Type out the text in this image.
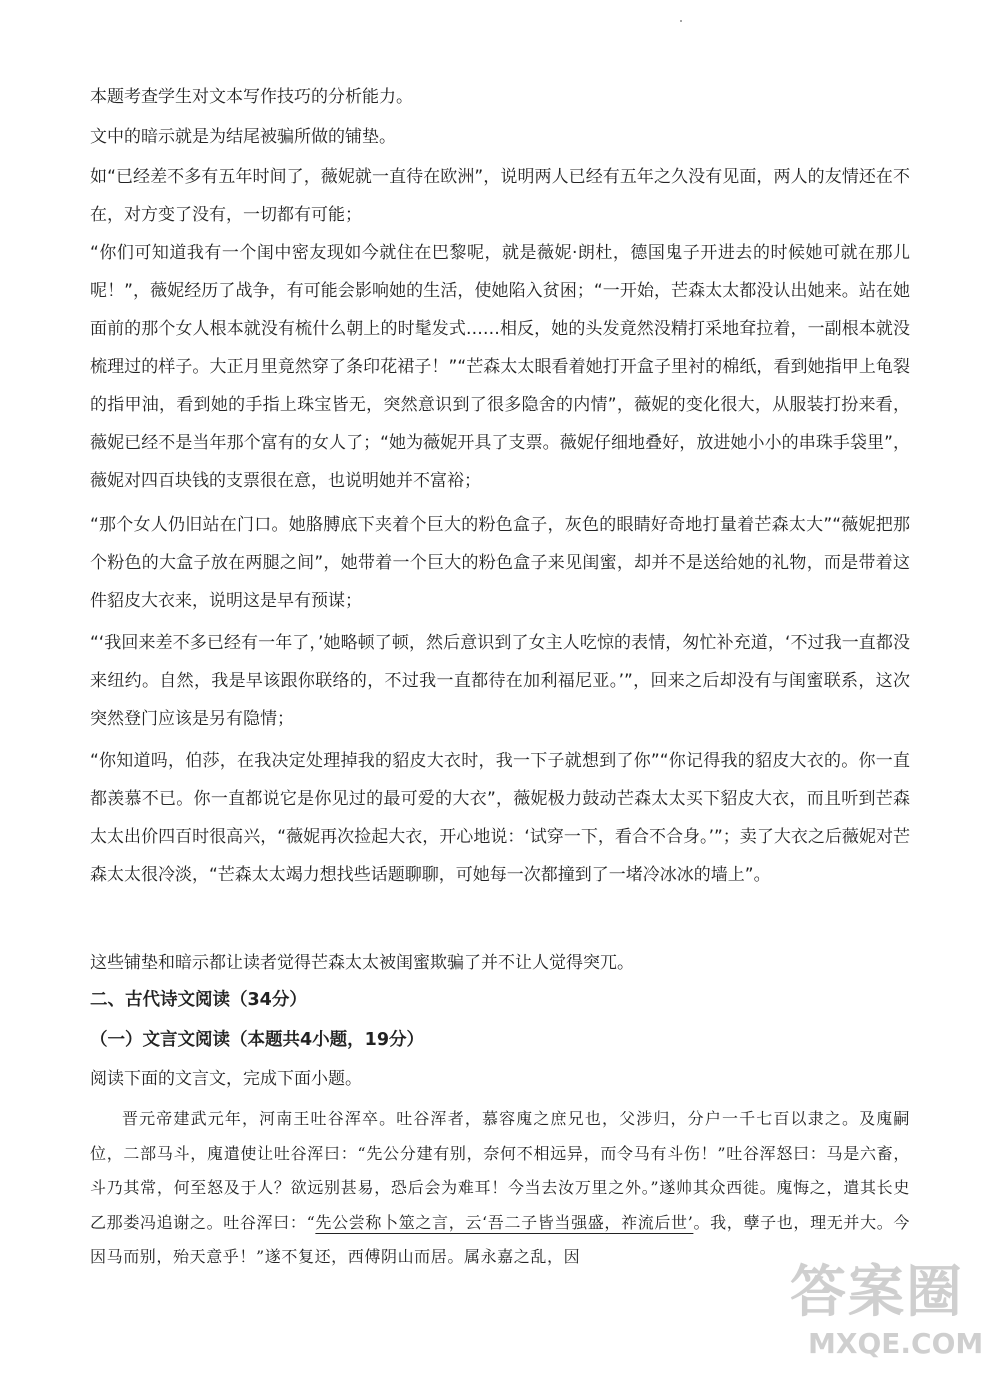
本题考查学生对文本写作技巧的分析能力。

文中的暗示就是为结尾被骗所做的铺垫。

如“已经差不多有五年时间了，薇妮就一直待在欧洲”，说明两人已经有五年之久没有见面，两人的友情还在不在，对方变了没有，一切都有可能；

“你们可知道我有一个闺中密友现如今就住在巴黎呢，就是薇妮·朗杜，德国鬼子开进去的时候她可就在那儿呢！”，薇妮经历了战争，有可能会影响她的生活，使她陷入贫困；“一开始，芒森太太都没认出她来。站在她面前的那个女人根本就没有梳什么朝上的时髦发式……相反，她的头发竟然没精打采地耷拉着，一副根本就没梳理过的样子。大正月里竟然穿了条印花裙子！”“芒森太太眼看着她打开盒子里衬的棉纸，看到她指甲上龟裂的指甲油，看到她的手指上珠宝皆无，突然意识到了很多隐舍的内情”，薇妮的变化很大，从服装打扮来看，薇妮已经不是当年那个富有的女人了；“她为薇妮开具了支票。薇妮仔细地叠好，放进她小小的串珠手袋里”，薇妮对四百块钱的支票很在意，也说明她并不富裕；

“那个女人仍旧站在门口。她胳膊底下夹着个巨大的粉色盒子，灰色的眼睛好奇地打量着芒森太大”“薇妮把那个粉色的大盒子放在两腿之间”，她带着一个巨大的粉色盒子来见闺蜜，却并不是送给她的礼物，而是带着这件貂皮大衣来，说明这是早有预谋；

“‘我回来差不多已经有一年了，’她略顿了顿，然后意识到了女主人吃惊的表情，匆忙补充道，‘不过我一直都没来纽约。自然，我是早该跟你联络的，不过我一直都待在加利福尼亚。’”，回来之后却没有与闺蜜联系，这次突然登门应该是另有隐情；

“你知道吗，伯莎，在我决定处理掉我的貂皮大衣时，我一下子就想到了你”“你记得我的貂皮大衣的。你一直都羡慕不已。你一直都说它是你见过的最可爱的大衣”，薇妮极力鼓动芒森太太买下貂皮大衣，而且听到芒森太太出价四百时很高兴，“薇妮再次捡起大衣，开心地说：‘试穿一下，看合不合身。’”；卖了大衣之后薇妮对芒森太太很冷淡，“芒森太太竭力想找些话题聊聊，可她每一次都撞到了一堵冷冰冰的墙上”。

这些铺垫和暗示都让读者觉得芒森太太被闺蜜欺骗了并不让人觉得突兀。

二、古代诗文阅读（34分）
（一）文言文阅读（本题共4小题，19分）

阅读下面的文言文，完成下面小题。

晋元帝建武元年，河南王吐谷浑卒。吐谷浑者，慕容廆之庶兄也，父涉归，分户一千七百以隶之。及廆嗣位，二部马斗，廆遣使让吐谷浑曰：“先公分建有别，奈何不相远异，而令马有斗伤！”吐谷浑怒曰：马是六畜，斗乃其常，何至怒及于人？欲远别甚易，恐后会为难耳！今当去汝万里之外。”遂帅其众西徙。廆悔之，遣其长史乙那娄冯追谢之。吐谷浑曰：“先公尝称卜筮之言，云‘吾二子皆当强盛，祚流后世’。我，孽子也，理无并大。今因马而别，殆天意乎！”遂不复还，西傅阴山而居。属永嘉之乱，因

答案圈
MXQE.COM
